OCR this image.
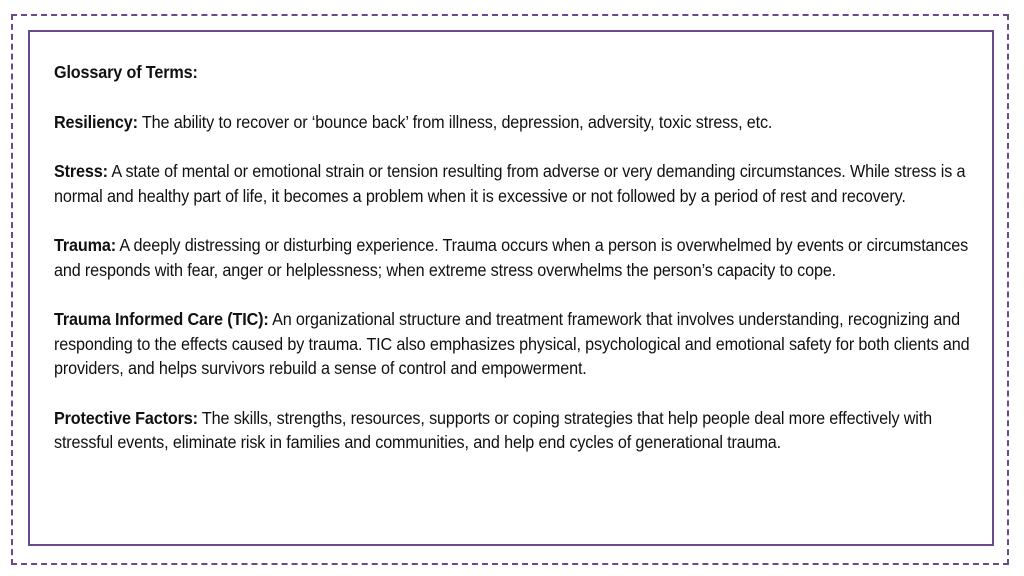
Glossary of Terms:

Resiliency: The ability to recover or ‘bounce back’ from illness, depression, adversity, toxic stress, etc.

Stress: A state of mental or emotional strain or tension resulting from adverse or very demanding circumstances. While stress is a normal and healthy part of life, it becomes a problem when it is excessive or not followed by a period of rest and recovery.

Trauma: A deeply distressing or disturbing experience. Trauma occurs when a person is overwhelmed by events or circumstances and responds with fear, anger or helplessness; when extreme stress overwhelms the person’s capacity to cope.

Trauma Informed Care (TIC): An organizational structure and treatment framework that involves understanding, recognizing and responding to the effects caused by trauma. TIC also emphasizes physical, psychological and emotional safety for both clients and providers, and helps survivors rebuild a sense of control and empowerment.

Protective Factors: The skills, strengths, resources, supports or coping strategies that help people deal more effectively with stressful events, eliminate risk in families and communities, and help end cycles of generational trauma.
